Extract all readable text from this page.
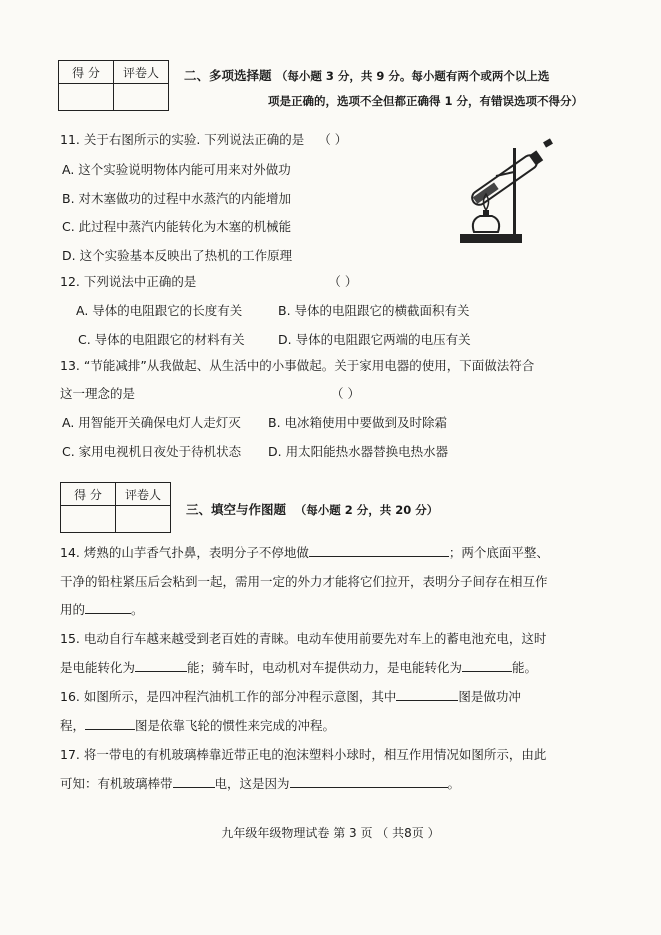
得 分	评卷人
	二、多项选择题 （每小题 3 分，共 9 分。每小题有两个或两个以上选
项是正确的，选项不全但都正确得 1 分，有错误选项不得分）
11. 关于右图所示的实验. 下列说法正确的是 （ ）
A. 这个实验说明物体内能可用来对外做功
B. 对木塞做功的过程中水蒸汽的内能增加
C. 此过程中蒸汽内能转化为木塞的机械能
D. 这个实验基本反映出了热机的工作原理
12. 下列说法中正确的是	（ ）
A. 导体的电阻跟它的长度有关	B. 导体的电阻跟它的横截面积有关
C. 导体的电阻跟它的材料有关	D. 导体的电阻跟它两端的电压有关
13. “节能减排”从我做起、从生活中的小事做起。关于家用电器的使用，下面做法符合
这一理念的是	（ ）
A. 用智能开关确保电灯人走灯灭 B. 电冰箱使用中要做到及时除霜
C. 家用电视机日夜处于待机状态 D. 用太阳能热水器替换电热水器
得 分	评卷人

三、填空与作图题 （每小题 2 分，共 20 分）
14. 烤熟的山芋香气扑鼻，表明分子不停地做	；两个底面平整、
干净的铅柱紧压后会粘到一起，需用一定的外力才能将它们拉开，表明分子间存在相互作
用的	。
15. 电动自行车越来越受到老百姓的青睐。电动车使用前要先对车上的蓄电池充电，这时
是电能转化为	能；骑车时，电动机对车提供动力，是电能转化为	能。
16. 如图所示，是四冲程汽油机工作的部分冲程示意图，其中	图是做功冲
程，	图是依靠飞轮的惯性来完成的冲程。
17. 将一带电的有机玻璃棒靠近带正电的泡沫塑料小球时，相互作用情况如图所示，由此
可知：有机玻璃棒带	电，这是因为	。
九年级年级物理试卷 第 3 页 （ 共8页 ）
